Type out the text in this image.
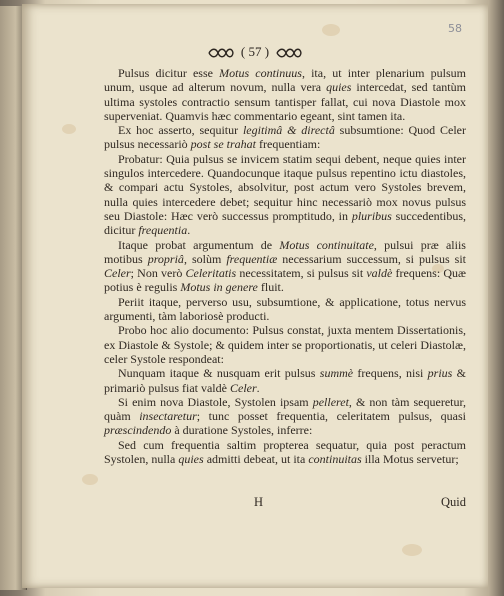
58
( 57 )

Pulsus dicitur esse Motus continuus, ita, ut inter plenarium pulsum unum, usque ad alterum novum, nulla vera quies intercedat, sed tantùm ultima systoles contractio sensum tantisper fallat, cui nova Diastole mox superveniat. Quamvis hæc commentario egeant, sint tamen ita.

Ex hoc asserto, sequitur legitimâ & directâ subsumtione: Quod Celer pulsus necessariò post se trahat frequentiam:

Probatur: Quia pulsus se invicem statim sequi debent, neque quies inter singulos intercedere. Quandocunque itaque pulsus repentino ictu diastoles, & compari actu Systoles, absolvitur, post actum vero Systoles brevem, nulla quies intercedere debet; sequitur hinc necessariò mox novus pulsus seu Diastole: Hæc verò successus promptitudo, in pluribus succedentibus, dicitur frequentia.

Itaque probat argumentum de Motus continuitate, pulsui præ aliis motibus propriâ, solùm frequentiæ necessarium successum, si pulsus sit Celer; Non verò Celeritatis necessitatem, si pulsus sit valdè frequens: Quæ potius è regulis Motus in genere fluit.

Periit itaque, perverso usu, subsumtione, & applicatione, totus nervus argumenti, tàm laboriosè producti.

Probo hoc alio documento: Pulsus constat, juxta mentem Dissertationis, ex Diastole & Systole; & quidem inter se proportionatis, ut celeri Diastolæ, celer Systole respondeat:

Nunquam itaque & nusquam erit pulsus summè frequens, nisi prius & primariò pulsus fiat valdè Celer.

Si enim nova Diastole, Systolen ipsam pelleret, & non tàm sequeretur, quàm insectaretur; tunc posset frequentia, celeritatem pulsus, quasi præscindendo à duratione Systoles, inferre:

Sed cum frequentia saltim propterea sequatur, quia post peractum Systolen, nulla quies admitti debeat, ut ita continuitas illa Motus servetur;

H	Quid
